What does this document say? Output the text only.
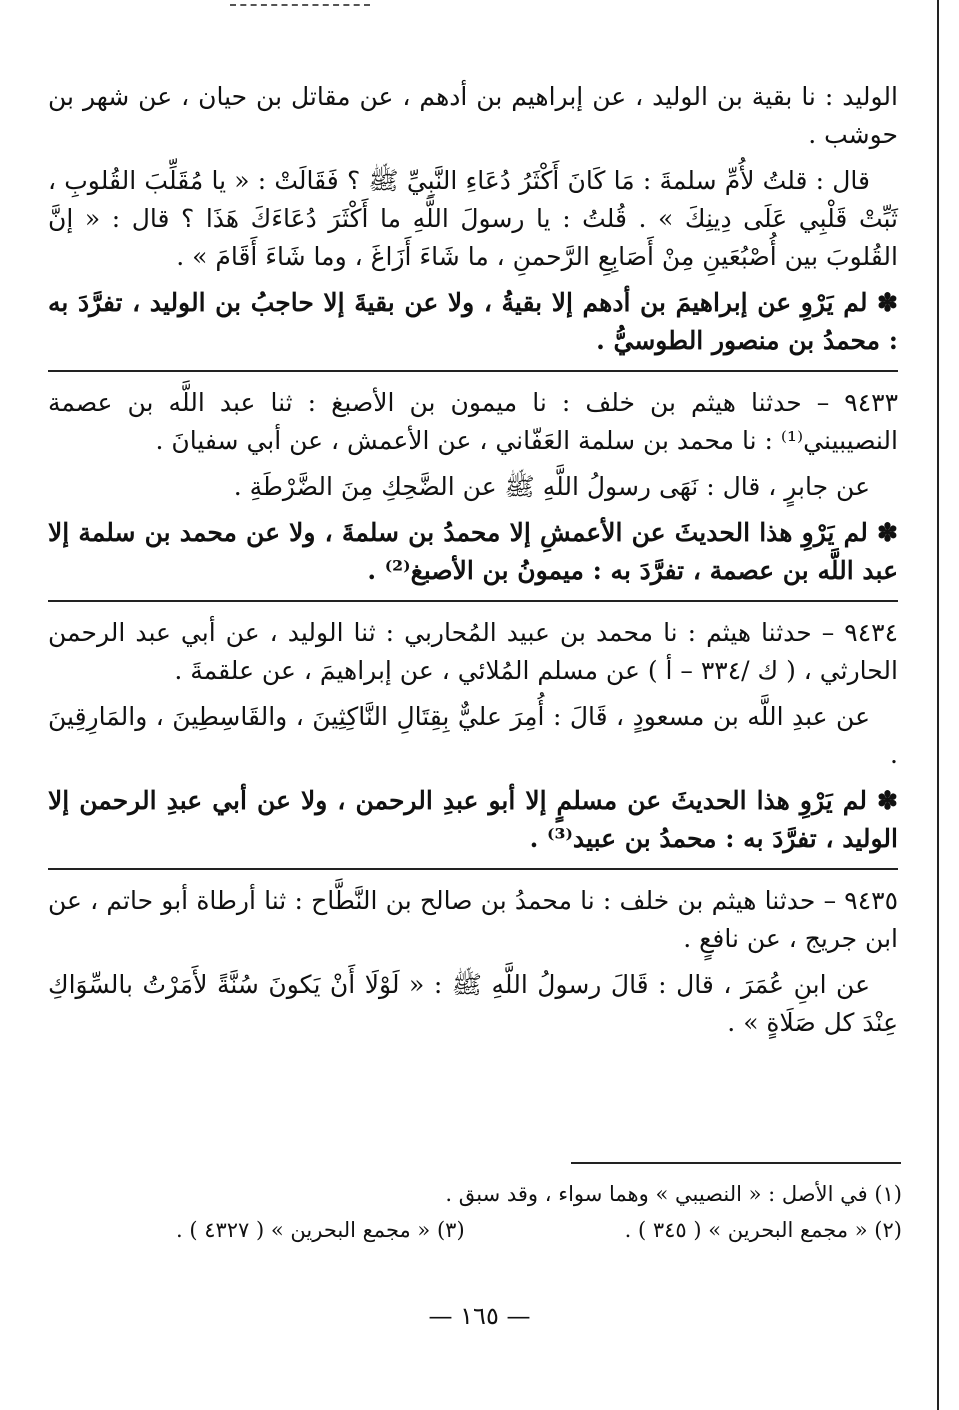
الوليد : نا بقية بن الوليد ، عن إبراهيم بن أدهم ، عن مقاتل بن حيان ، عن شهر بن حوشب .

قال : قلتُ لأُمِّ سلمةَ : مَا كَانَ أَكْثَرُ دُعَاءِ النَّبِيِّ ﷺ ؟ فَقَالَتْ : « يا مُقَلِّبَ القُلوبِ ، ثَبِّتْ قَلْبِي عَلَى دِينِكَ » . قُلتُ : يا رسولَ اللَّهِ ما أَكْثَرَ دُعَاءَكَ هَذَا ؟ قال : « إنَّ القُلوبَ بين أُصْبُعَينِ مِنْ أَصَابِعِ الرَّحمنِ ، ما شَاءَ أَزَاغَ ، وما شَاءَ أَقَامَ » .

✽ لم يَرْوِ عن إبراهيمَ بن أدهم إلا بقيةُ ، ولا عن بقيةَ إلا حاجبُ بن الوليد ، تفرَّدَ به : محمدُ بن منصور الطوسيُّ .

٩٤٣٣ – حدثنا هيثم بن خلف : نا ميمون بن الأصبغ : ثنا عبد اللَّه بن عصمة النصيبيني⁽¹⁾ : نا محمد بن سلمة العَفّاني ، عن الأعمش ، عن أبي سفيانَ .

عن جابرٍ ، قال : نَهَى رسولُ اللَّهِ ﷺ عن الضَّحِكِ مِنَ الضَّرْطَةِ .

✽ لم يَرْوِ هذا الحديثَ عن الأعمشِ إلا محمدُ بن سلمةَ ، ولا عن محمد بن سلمة إلا عبد اللَّه بن عصمة ، تفرَّدَ به : ميمونُ بن الأصبغ⁽²⁾ .

٩٤٣٤ – حدثنا هيثم : نا محمد بن عبيد المُحاربي : ثنا الوليد ، عن أبي عبد الرحمن الحارثي ، ( ك /٣٣٤ – أ ) عن مسلم المُلائي ، عن إبراهيمَ ، عن علقمةَ .

عن عبدِ اللَّه بن مسعودٍ ، قَالَ : أُمِرَ عليٌّ بِقِتَالِ النَّاكِثِينَ ، والقَاسِطِينَ ، والمَارِقِينَ .

✽ لم يَرْوِ هذا الحديثَ عن مسلمٍ إلا أبو عبدِ الرحمن ، ولا عن أبي عبدِ الرحمن إلا الوليد ، تفرَّدَ به : محمدُ بن عبيد⁽³⁾ .

٩٤٣٥ – حدثنا هيثم بن خلف : نا محمدُ بن صالح بن النَّطَّاح : ثنا أرطاة أبو حاتم ، عن ابن جريج ، عن نافعٍ .

عن ابنِ عُمَرَ ، قال : قَالَ رسولُ اللَّهِ ﷺ : « لَوْلَا أَنْ يَكونَ سُنَّةً لأَمَرْتُ بالسِّوَاكِ عِنْدَ كل صَلَاةٍ » .

(١) في الأصل : « النصيبي » وهما سواء ، وقد سبق .
(٢) « مجمع البحرين » ( ٣٤٥ ) .
(٣) « مجمع البحرين » ( ٤٣٢٧ ) .
— ١٦٥ —
